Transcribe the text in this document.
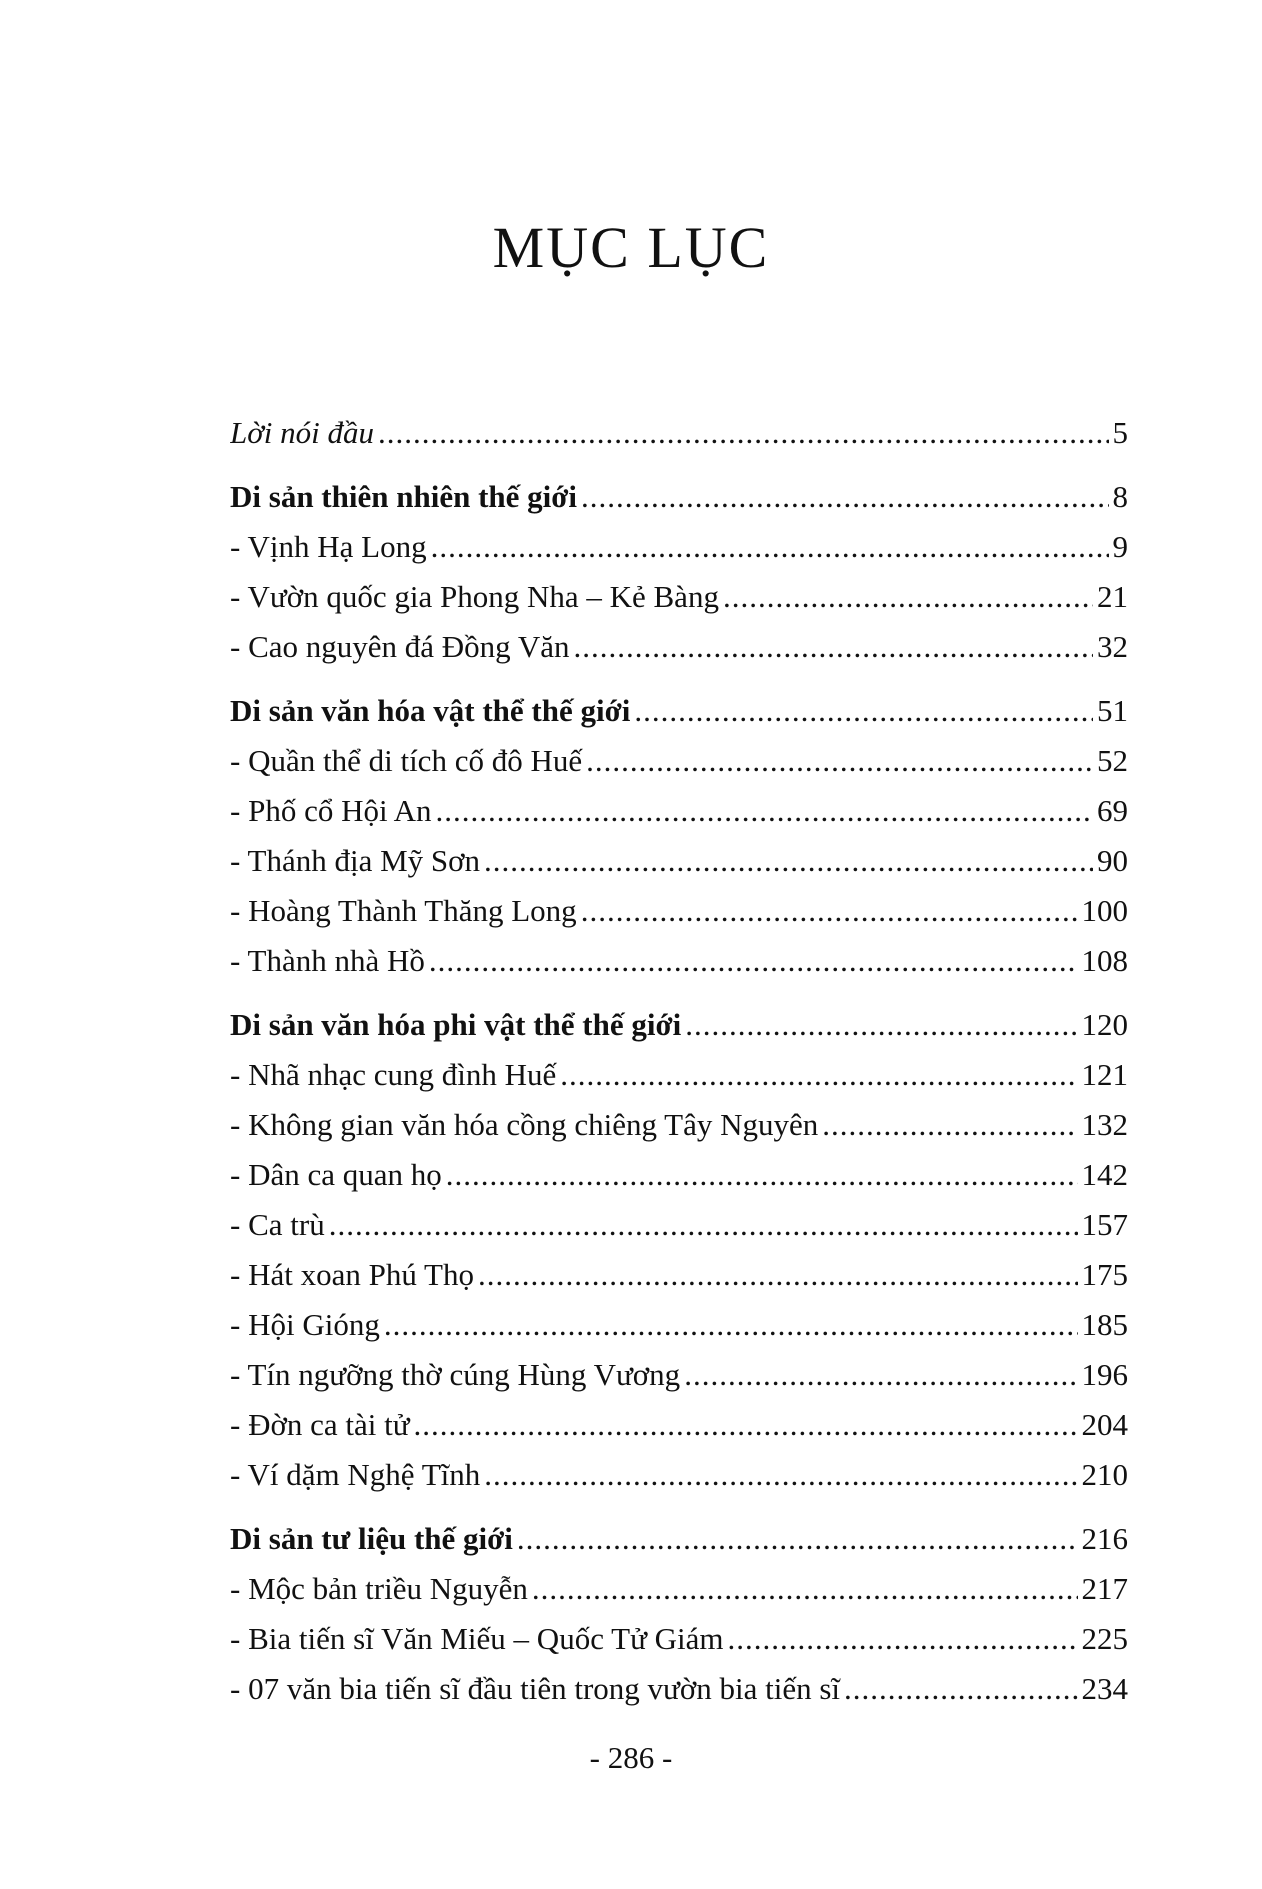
MỤC LỤC
Lời nói đầu .....	5
Di sản thiên nhiên thế giới .....	8
- Vịnh Hạ Long .....	9
- Vườn quốc gia Phong Nha – Kẻ Bàng .....	21
- Cao nguyên đá Đồng Văn .....	32
Di sản văn hóa vật thể thế giới .....	51
- Quần thể di tích cố đô Huế .....	52
- Phố cổ Hội An .....	69
- Thánh địa Mỹ Sơn .....	90
- Hoàng Thành Thăng Long .....	100
- Thành nhà Hồ .....	108
Di sản văn hóa phi vật thể thế giới .....	120
- Nhã nhạc cung đình Huế .....	121
- Không gian văn hóa cồng chiêng Tây Nguyên .....	132
- Dân ca quan họ .....	142
- Ca trù .....	157
- Hát xoan Phú Thọ .....	175
- Hội Gióng .....	185
- Tín ngưỡng thờ cúng Hùng Vương .....	196
- Đờn ca tài tử .....	204
- Ví dặm Nghệ Tĩnh .....	210
Di sản tư liệu thế giới .....	216
- Mộc bản triều Nguyễn .....	217
- Bia tiến sĩ Văn Miếu – Quốc Tử Giám .....	225
- 07 văn bia tiến sĩ đầu tiên trong vườn bia tiến sĩ .....	234
- 286 -
